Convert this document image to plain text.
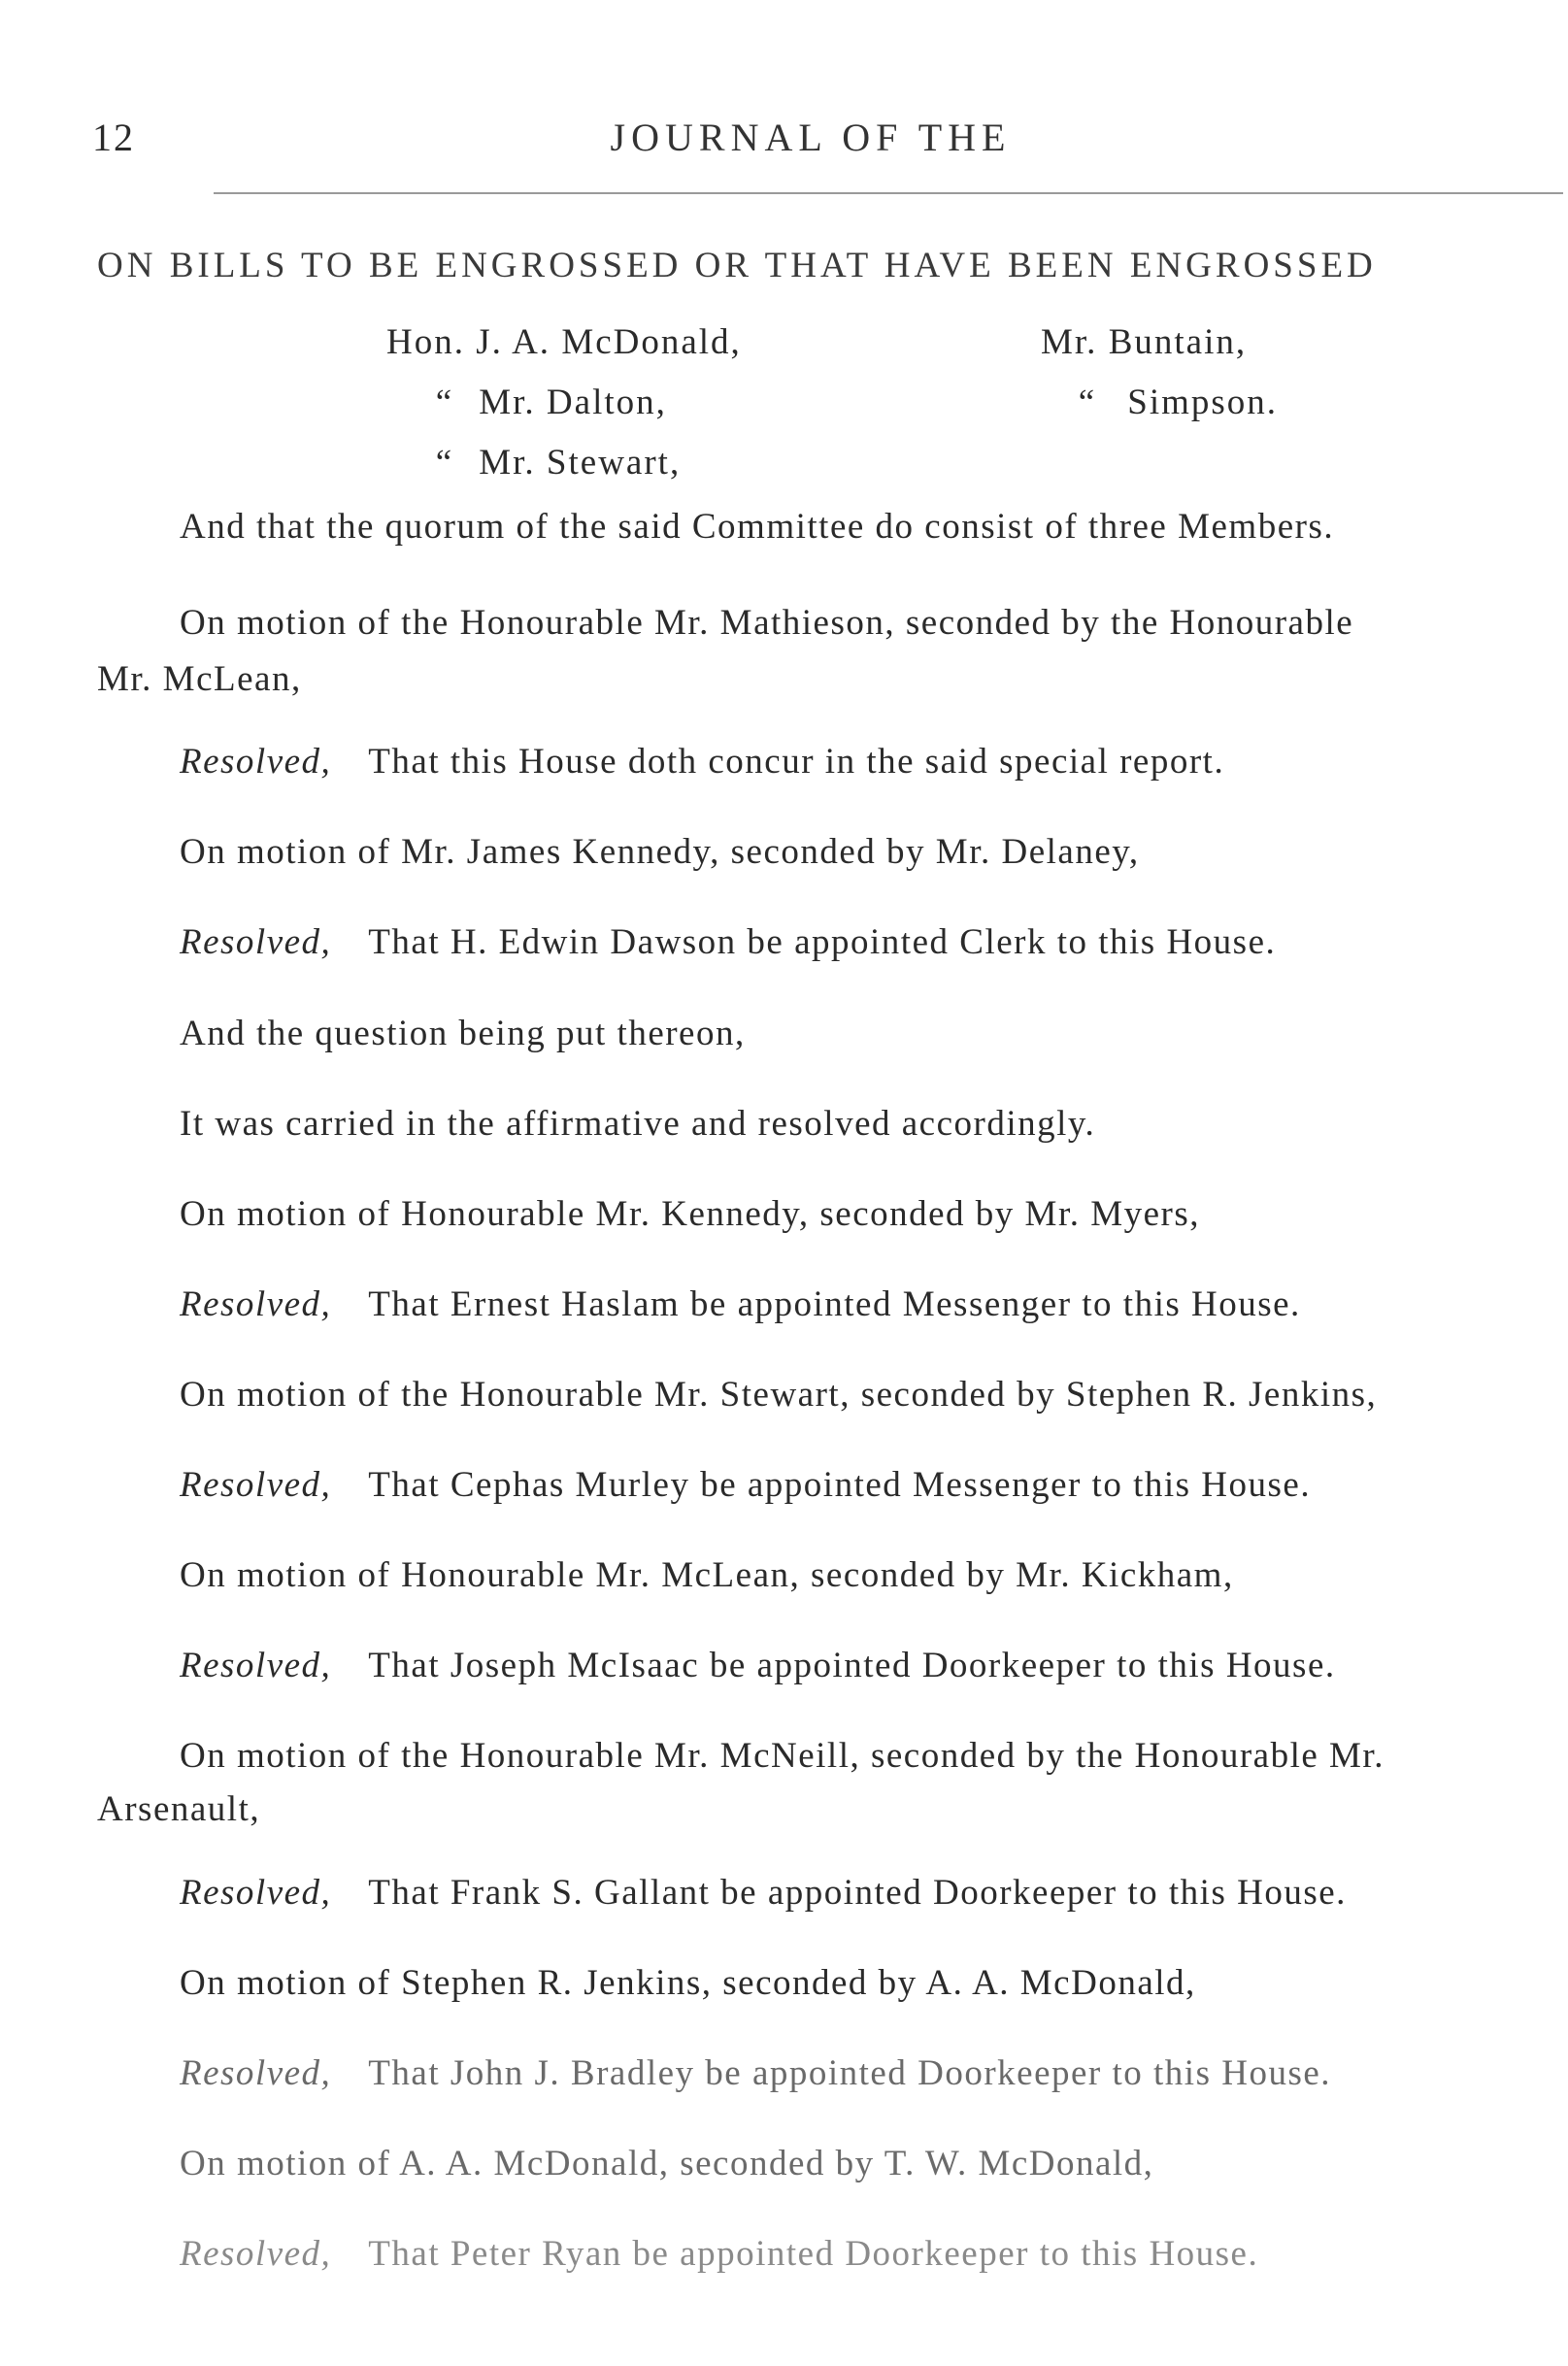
12	JOURNAL OF THE
ON BILLS TO BE ENGROSSED OR THAT HAVE BEEN ENGROSSED
Hon. J. A. McDonald,
“ Mr. Dalton,
“ Mr. Stewart,
Mr. Buntain,
“ Simpson.
And that the quorum of the said Committee do consist of three Members.
On motion of the Honourable Mr. Mathieson, seconded by the Honourable
Mr. McLean,
Resolved, That this House doth concur in the said special report.
On motion of Mr. James Kennedy, seconded by Mr. Delaney,
Resolved, That H. Edwin Dawson be appointed Clerk to this House.
And the question being put thereon,
It was carried in the affirmative and resolved accordingly.
On motion of Honourable Mr. Kennedy, seconded by Mr. Myers,
Resolved, That Ernest Haslam be appointed Messenger to this House.
On motion of the Honourable Mr. Stewart, seconded by Stephen R. Jenkins,
Resolved, That Cephas Murley be appointed Messenger to this House.
On motion of Honourable Mr. McLean, seconded by Mr. Kickham,
Resolved, That Joseph McIsaac be appointed Doorkeeper to this House.
On motion of the Honourable Mr. McNeill, seconded by the Honourable Mr.
Arsenault,
Resolved, That Frank S. Gallant be appointed Doorkeeper to this House.
On motion of Stephen R. Jenkins, seconded by A. A. McDonald,
Resolved, That John J. Bradley be appointed Doorkeeper to this House.
On motion of A. A. McDonald, seconded by T. W. McDonald,
Resolved, That Peter Ryan be appointed Doorkeeper to this House.
